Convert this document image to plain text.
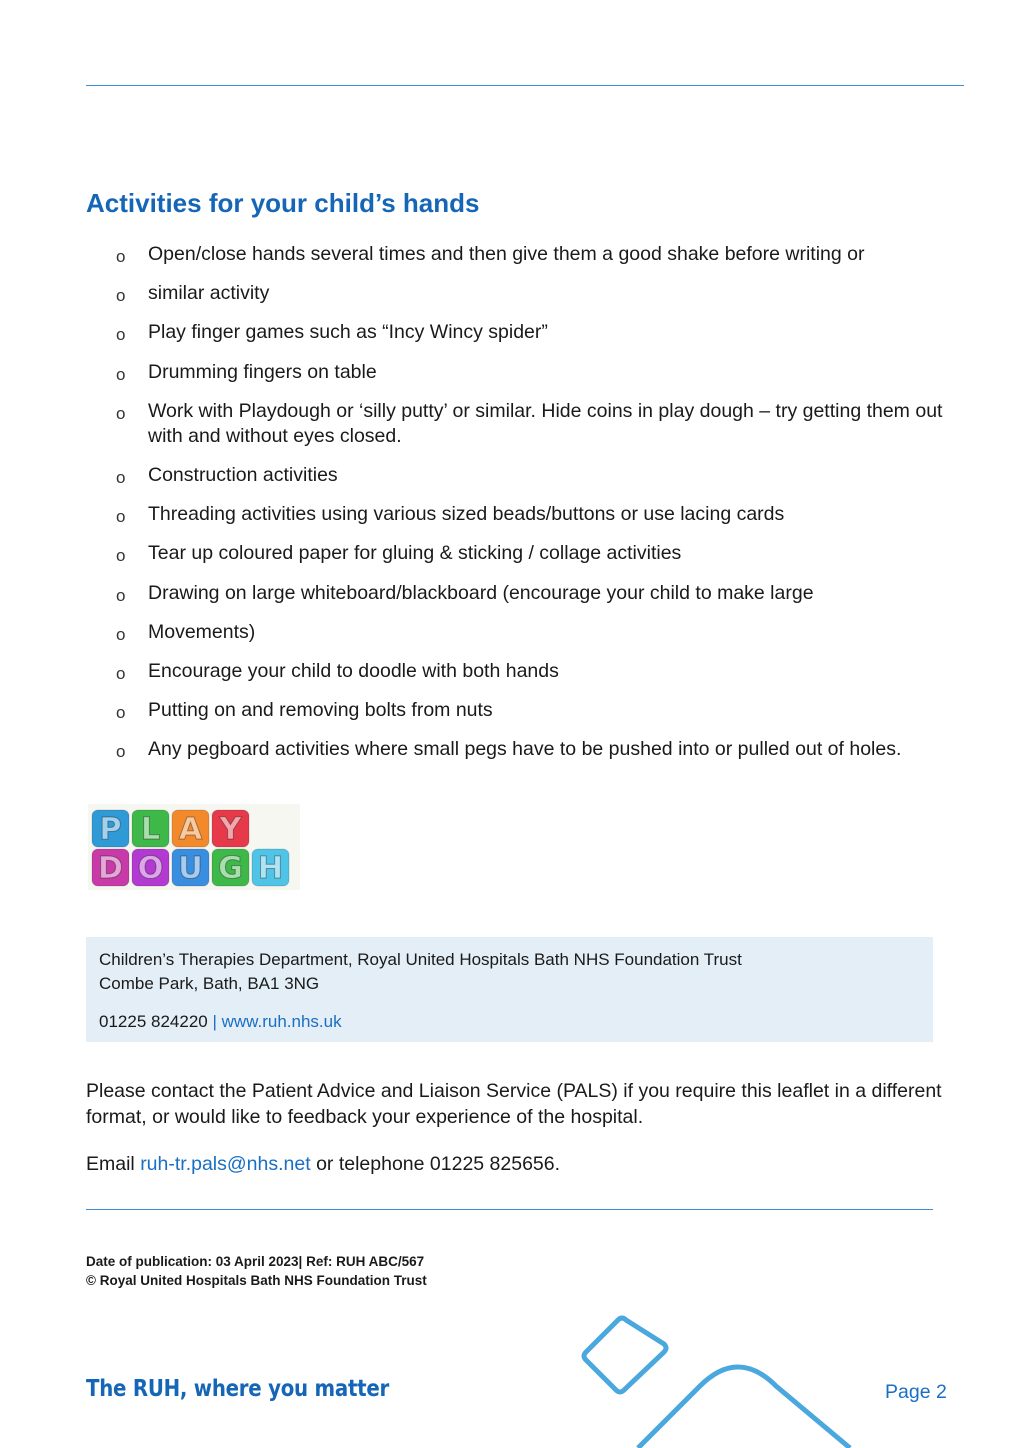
Activities for your child’s hands
o Open/close hands several times and then give them a good shake before writing or
o similar activity
o Play finger games such as “Incy Wincy spider”
o Drumming fingers on table
o Work with Playdough or ‘silly putty’ or similar. Hide coins in play dough – try getting them out with and without eyes closed.
o Construction activities
o Threading activities using various sized beads/buttons or use lacing cards
o Tear up coloured paper for gluing & sticking / collage activities
o Drawing on large whiteboard/blackboard (encourage your child to make large
o Movements)
o Encourage your child to doodle with both hands
o Putting on and removing bolts from nuts
o Any pegboard activities where small pegs have to be pushed into or pulled out of holes.
P L A Y
D O U G H
Children’s Therapies Department, Royal United Hospitals Bath NHS Foundation Trust
Combe Park, Bath, BA1 3NG
01225 824220 | www.ruh.nhs.uk

Please contact the Patient Advice and Liaison Service (PALS) if you require this leaflet in a different format, or would like to feedback your experience of the hospital.

Email ruh-tr.pals@nhs.net or telephone 01225 825656.

Date of publication: 03 April 2023| Ref: RUH ABC/567
© Royal United Hospitals Bath NHS Foundation Trust
The RUH, where you matter	Page 2
